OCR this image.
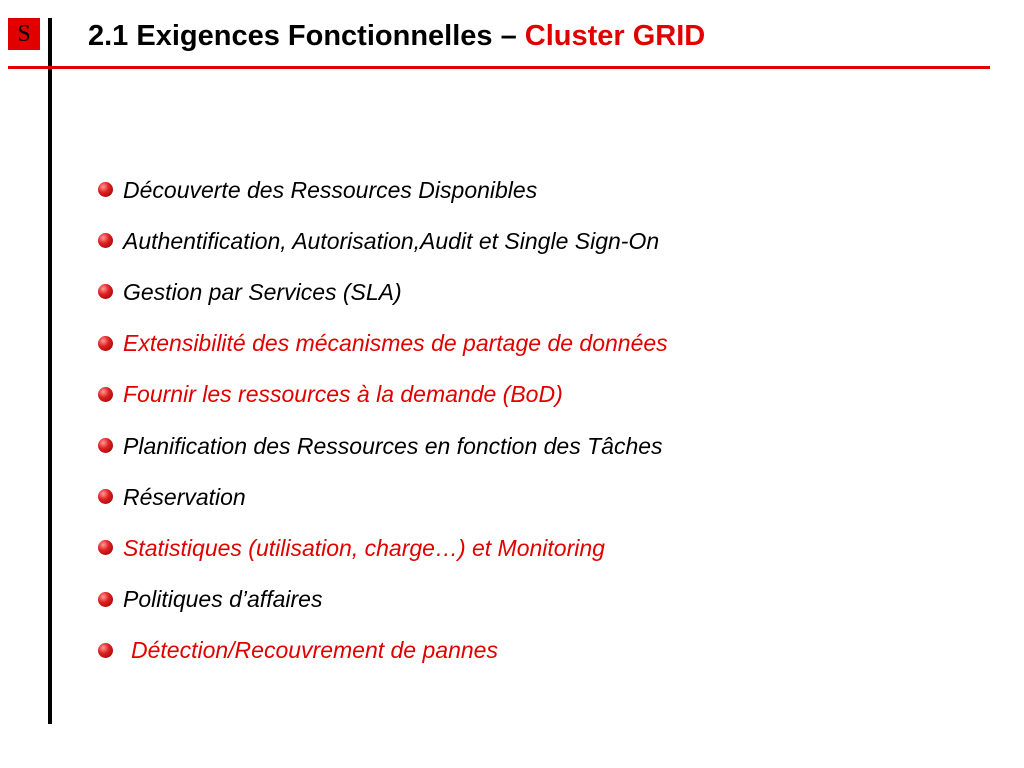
S	2.1 Exigences Fonctionnelles – Cluster GRID
Découverte des Ressources Disponibles
Authentification, Autorisation,Audit et Single Sign-On
Gestion par Services (SLA)
Extensibilité des mécanismes de partage de données
Fournir les ressources à la demande (BoD)
Planification des Ressources en fonction des Tâches
Réservation
Statistiques (utilisation, charge…) et Monitoring
Politiques d’affaires
Détection/Recouvrement de pannes
